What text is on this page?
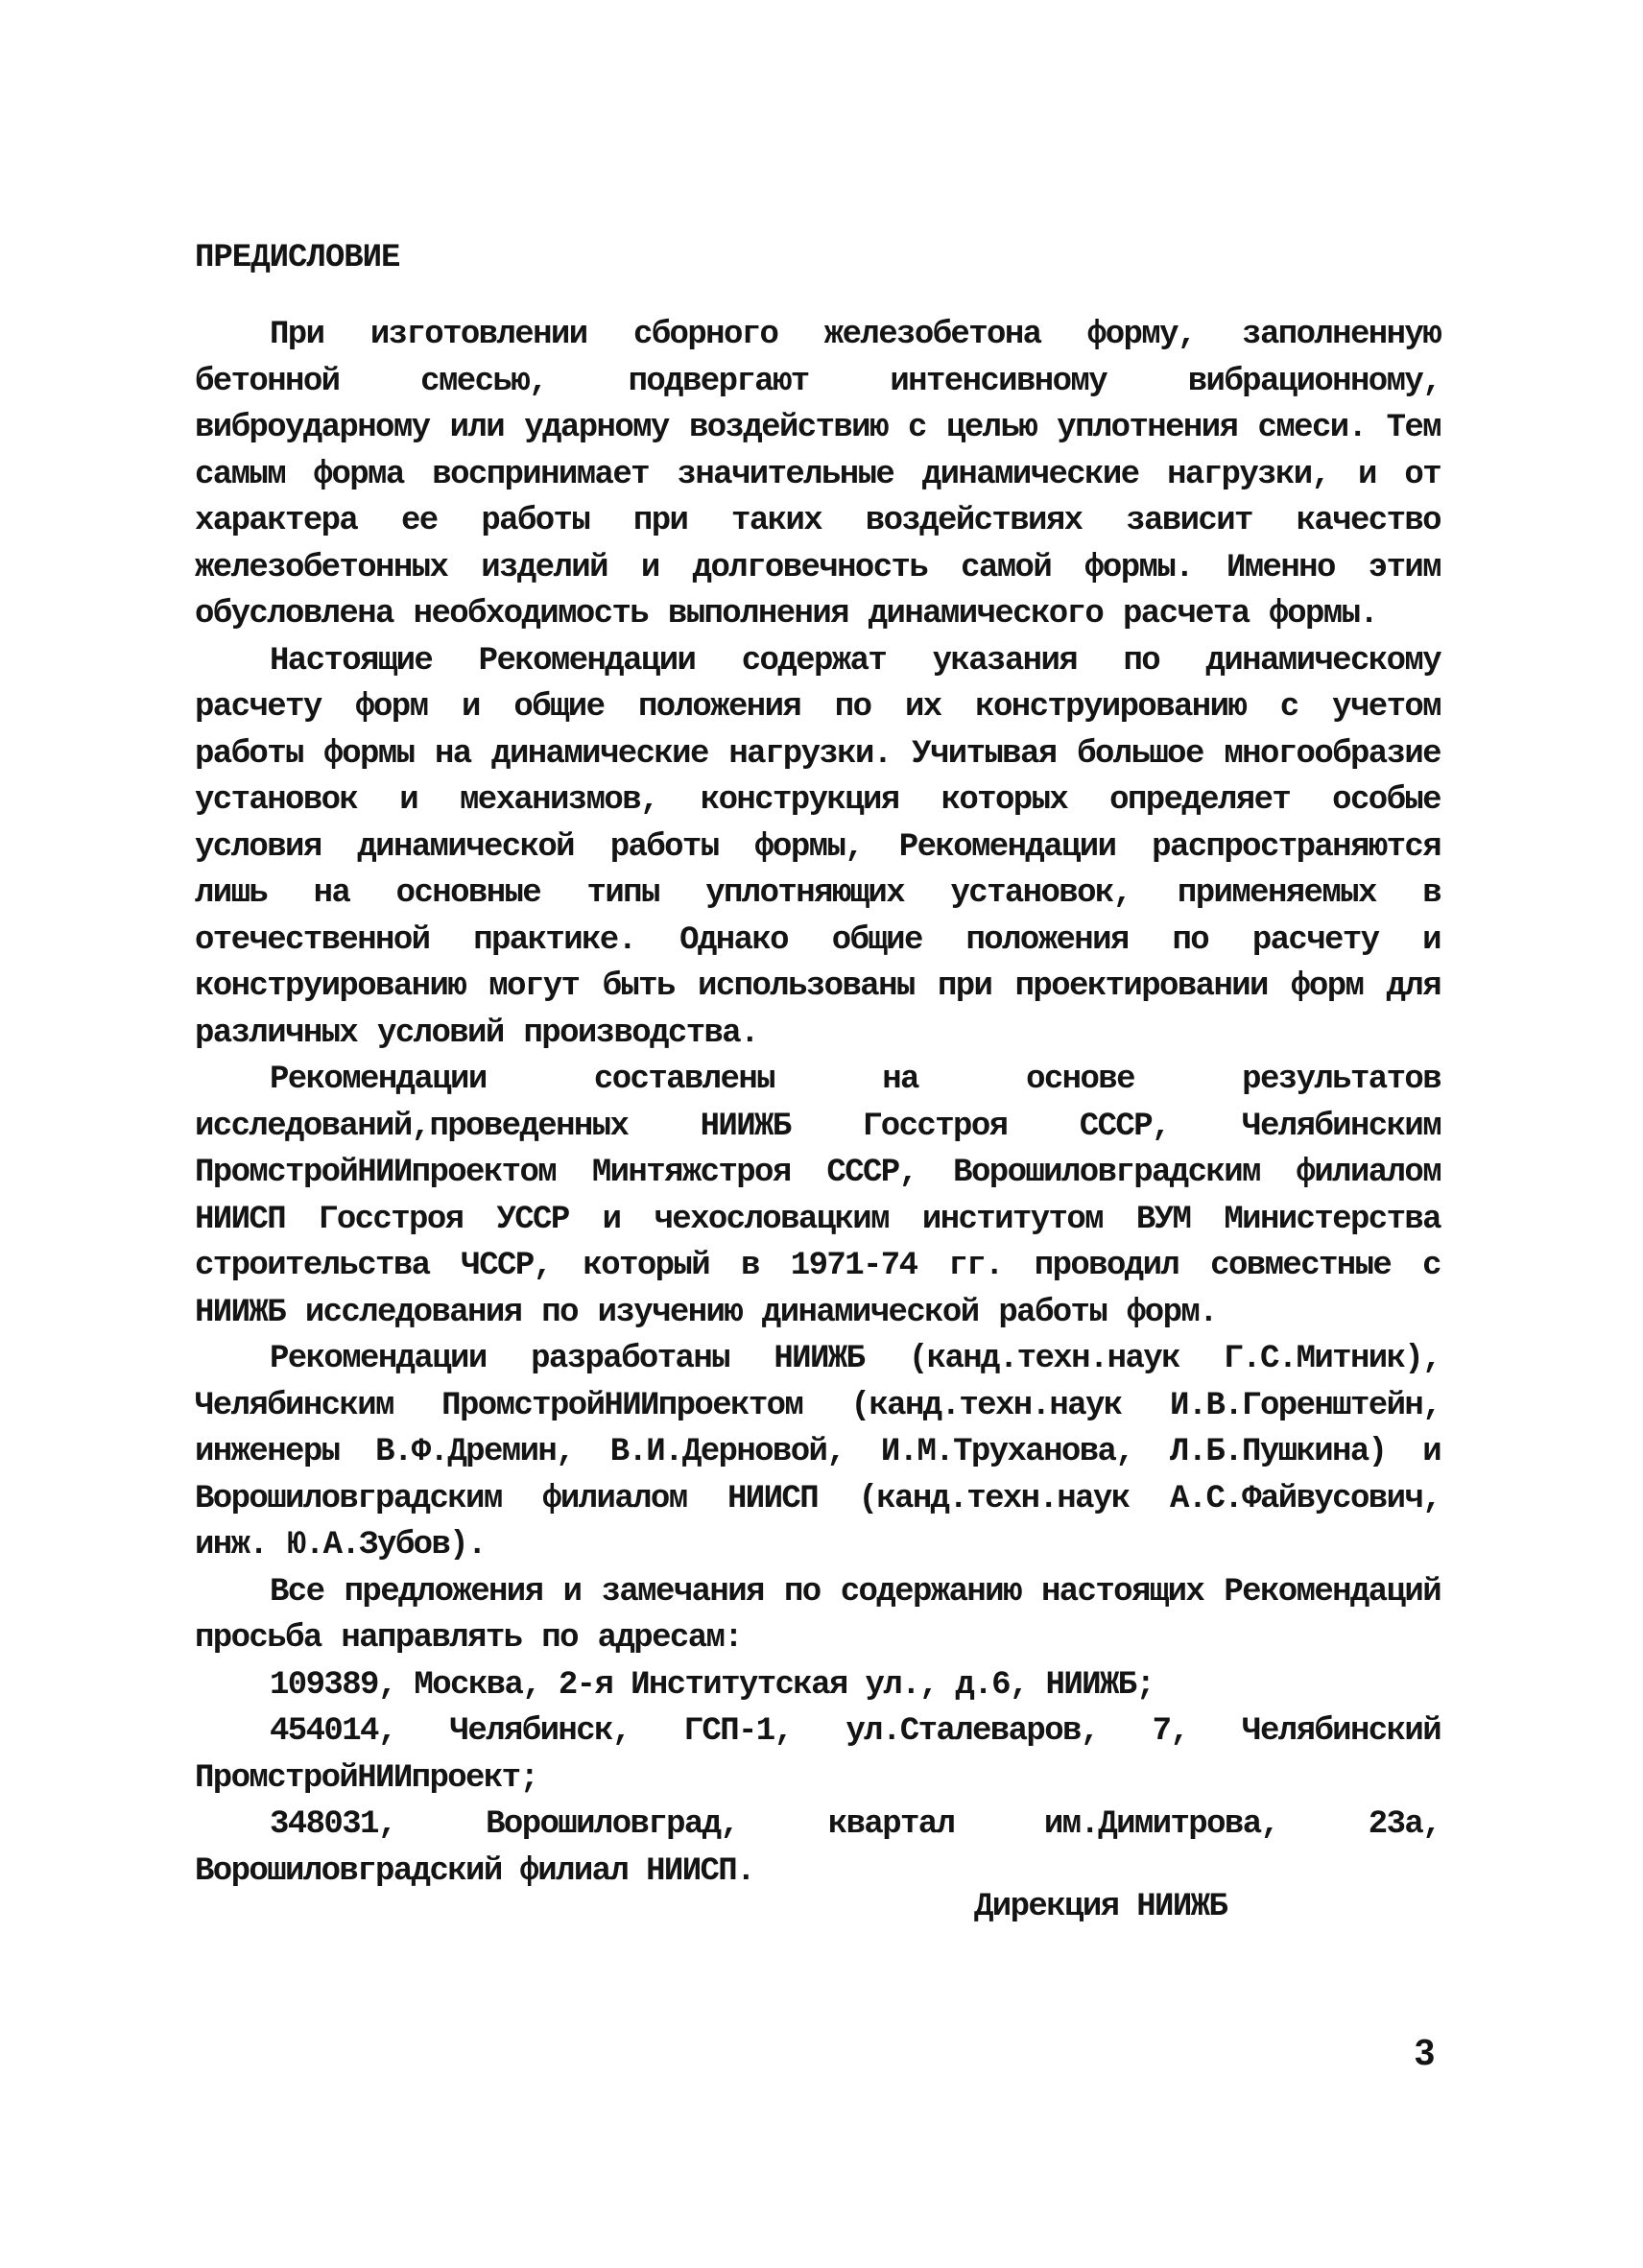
ПРЕДИСЛОВИЕ

При изготовлении сборного железобетона форму, заполненную бетонной смесью, подвергают интенсивному вибрационному, виброударному или ударному воздействию с целью уплотнения смеси. Тем самым форма воспринимает значительные динамические нагрузки, и от характера ее работы при таких воздействиях зависит качество железобетонных изделий и долговечность самой формы. Именно этим обусловлена необходимость выполнения динамического расчета формы.

Настоящие Рекомендации содержат указания по динамическому расчету форм и общие положения по их конструированию с учетом работы формы на динамические нагрузки. Учитывая большое многообразие установок и механизмов, конструкция которых определяет особые условия динамической работы формы, Рекомендации распространяются лишь на основные типы уплотняющих установок, применяемых в отечественной практике. Однако общие положения по расчету и конструированию могут быть использованы при проектировании форм для различных условий производства.

Рекомендации составлены на основе результатов исследований,проведенных НИИЖБ Госстроя СССР, Челябинским ПромстройНИИпроектом Минтяжстроя СССР, Ворошиловградским филиалом НИИСП Госстроя УССР и чехословацким институтом ВУМ Министерства строительства ЧССР, который в 1971-74 гг. проводил совместные с НИИЖБ исследования по изучению динамической работы форм.

Рекомендации разработаны НИИЖБ (канд.техн.наук Г.С.Митник), Челябинским ПромстройНИИпроектом (канд.техн.наук И.В.Горенштейн, инженеры В.Ф.Дремин, В.И.Дерновой, И.М.Труханова, Л.Б.Пушкина) и Ворошиловградским филиалом НИИСП (канд.техн.наук А.С.Файвусович, инж. Ю.А.Зубов).

Все предложения и замечания по содержанию настоящих Рекомендаций просьба направлять по адресам:

109389, Москва, 2-я Институтская ул., д.6, НИИЖБ;

454014, Челябинск, ГСП-1, ул.Сталеваров, 7, Челябинский ПромстройНИИпроект;

348031, Ворошиловград, квартал им.Димитрова, 23а, Ворошиловградский филиал НИИСП.

Дирекция НИИЖБ
3
